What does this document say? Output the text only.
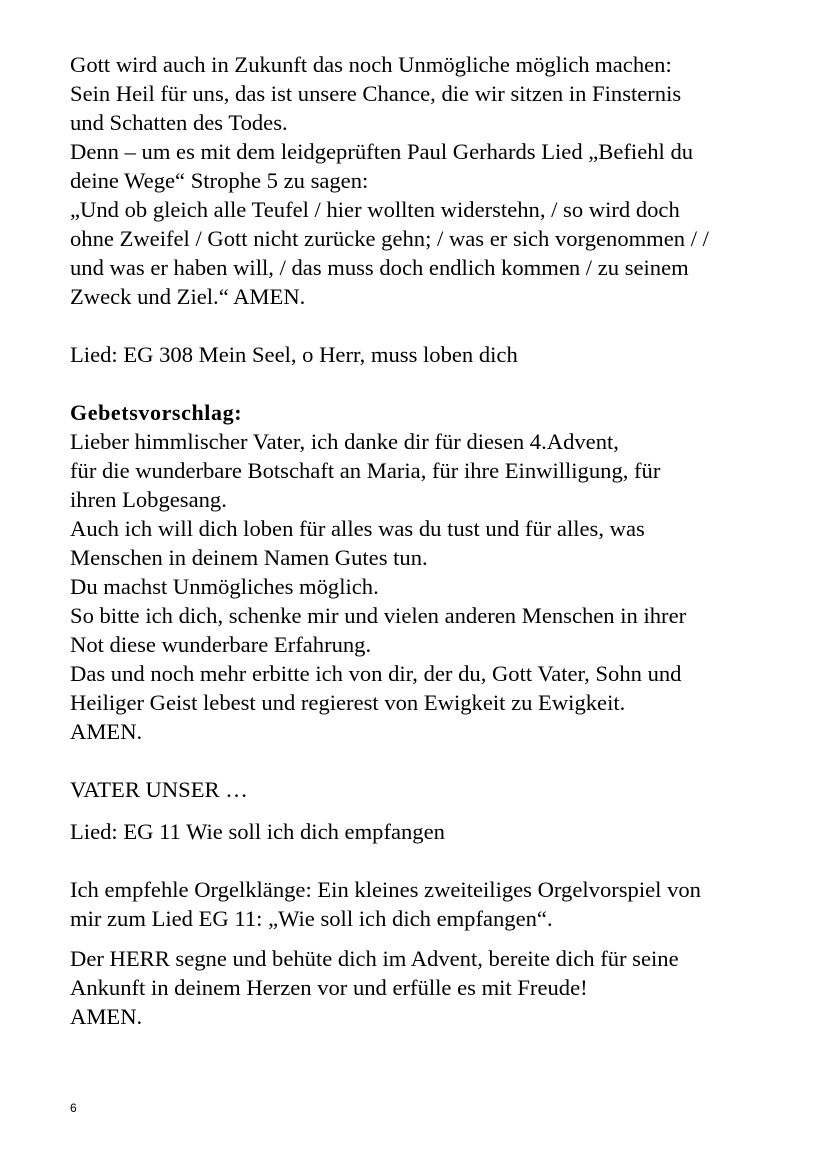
Gott wird auch in Zukunft das noch Unmögliche möglich machen:
Sein Heil für uns, das ist unsere Chance, die wir sitzen in Finsternis
und Schatten des Todes.
Denn – um es mit dem leidgeprüften Paul Gerhards Lied „Befiehl du
deine Wege“ Strophe 5 zu sagen:
„Und ob gleich alle Teufel / hier wollten widerstehn, / so wird doch
ohne Zweifel / Gott nicht zurücke gehn; / was er sich vorgenommen / /
und was er haben will, / das muss doch endlich kommen / zu seinem
Zweck und Ziel.“ AMEN.

Lied: EG 308 Mein Seel, o Herr, muss loben dich

Gebetsvorschlag:
Lieber himmlischer Vater, ich danke dir für diesen 4.Advent,
für die wunderbare Botschaft an Maria, für ihre Einwilligung, für
ihren Lobgesang.
Auch ich will dich loben für alles was du tust und für alles, was
Menschen in deinem Namen Gutes tun.
Du machst Unmögliches möglich.
So bitte ich dich, schenke mir und vielen anderen Menschen in ihrer
Not diese wunderbare Erfahrung.
Das und noch mehr erbitte ich von dir, der du, Gott Vater, Sohn und
Heiliger Geist lebest und regierest von Ewigkeit zu Ewigkeit.
AMEN.

VATER UNSER …

Lied: EG 11 Wie soll ich dich empfangen

Ich empfehle Orgelklänge: Ein kleines zweiteiliges Orgelvorspiel von
mir zum Lied EG 11: „Wie soll ich dich empfangen“.

Der HERR segne und behüte dich im Advent, bereite dich für seine
Ankunft in deinem Herzen vor und erfülle es mit Freude!
AMEN.

6
